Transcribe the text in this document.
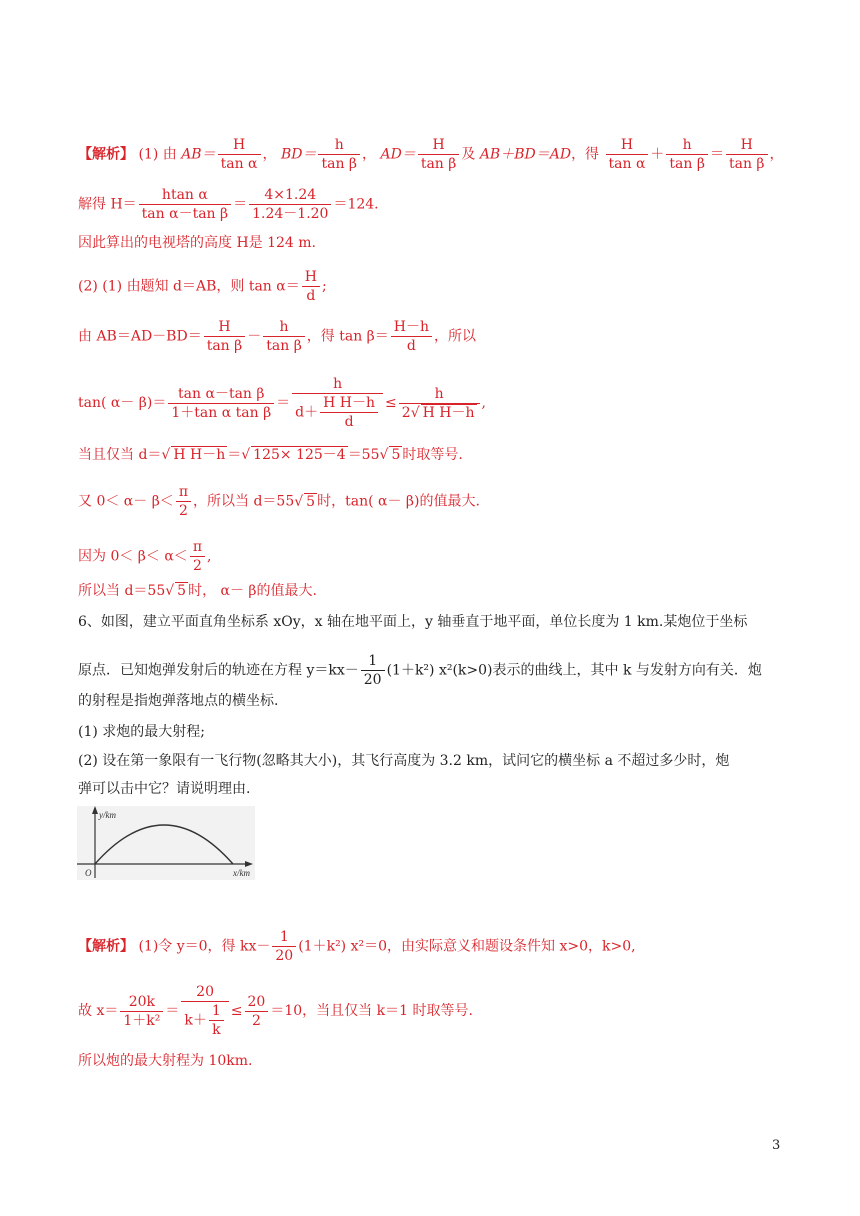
【解析】 (1) 由 $AB= \frac{H}{\text{tan α}}$ ， $BD= \frac{h}{\text{tan β}}$ ， $AD= \frac{H}{\text{tan β}}$ 及 AB＋BD＝AD，得 $\frac{H}{\text{tan α}} + \frac{h}{\text{tan β}} = \frac{H}{\text{tan β}}$ ，
解得 $H= \frac{\text{htan α}}{\text{tan α－tan β}} = \frac{4\times 1.24}{1.24-1.20} =124$.
因此算出的电视塔的高度 H是 124 m.
(2) (1) 由题知 d＝AB，则 $\tan \alpha= \frac{H}{d}$ ;
由 $AB=AD-BD= \frac{H}{\text{tan β}} - \frac{h}{\text{tan β}}$ ，得 $\tan \beta= \frac{H-h}{d}$ ，所以
tan( $\alpha- \beta)= \frac{\text{tan α－tan β}}{\text{1＋tan α tan β}} = \frac{h}{d+ \frac{\text{H H－h}}{d}} \le \frac{h}{\text{2√ H H－h}}$ ,
当且仅当 d＝√ H H－h ＝√ 125× 125－4 ＝55√ 5 时取等号.
又 $0< \alpha- \beta< \frac{\pi}{2}$ ，所以当 d＝55√ 5 时，tan( α－ β)的值最大.
因为 $0< \beta< \alpha< \frac{\pi}{2}$ ,
所以当 d＝55√ 5 时， α－ β的值最大.
6、如图，建立平面直角坐标系 xOy，x 轴在地平面上，y 轴垂直于地平面，单位长度为 1 km.某炮位于坐标
原点．已知炮弹发射后的轨迹在方程 $y=kx- \frac{1}{20} (1+k^2)$ x²(k>0)表示的曲线上，其中 k 与发射方向有关．炮
的射程是指炮弹落地点的横坐标.
(1) 求炮的最大射程;
(2) 设在第一象限有一飞行物(忽略其大小)，其飞行高度为 3.2 km，试问它的横坐标 a 不超过多少时，炮
弹可以击中它？请说明理由.
y/km
x/km
O
【解析】 (1)令 y＝0，得 $kx- \frac{1}{20} (1+k^2)$ x²＝0，由实际意义和题设条件知 x>0，k>0,
故 $x= \frac{20k}{\text{1＋k²}} = \frac{20}{k+ \frac{1}{k}} \le \frac{20}{2} =10$，当且仅当 k＝1 时取等号.
所以炮的最大射程为 10km.
3
